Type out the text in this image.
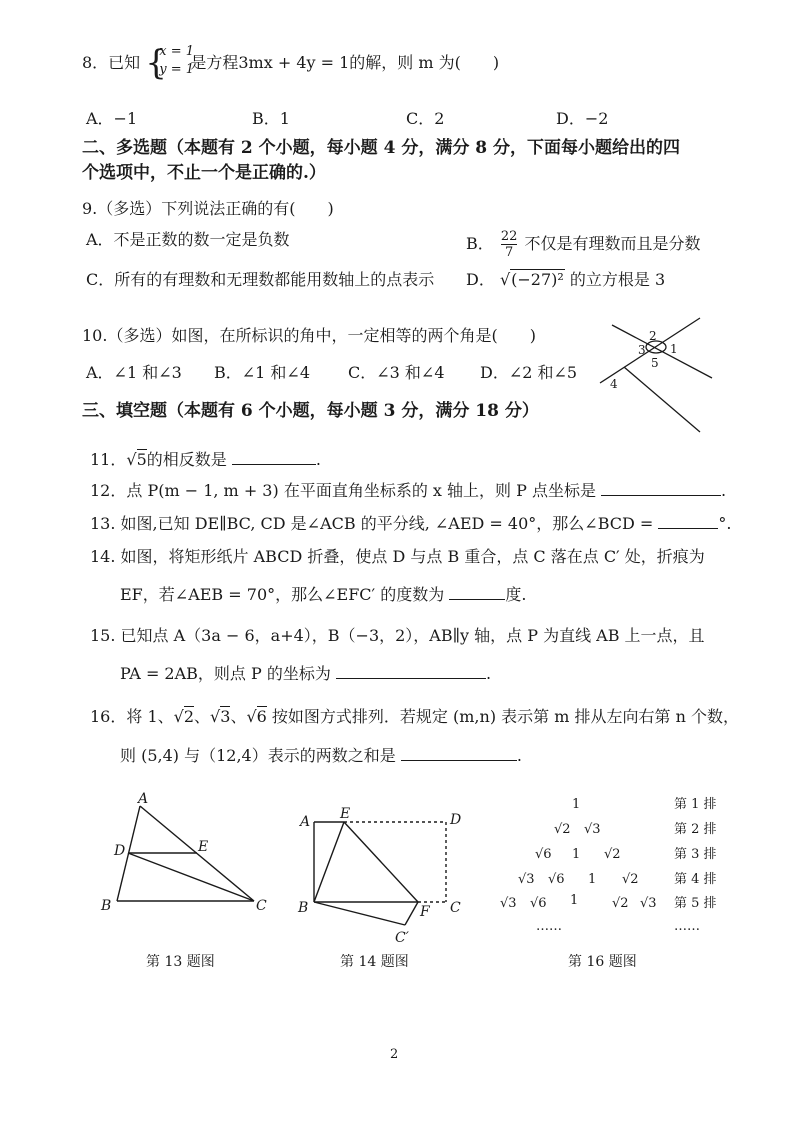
8．已知 {
x = 1
y = 1
是方程3mx + 4y = 1的解，则 m 为(　　)
A．−1	B．1	C．2	D．−2
二、多选题（本题有 2 个小题，每小题 4 分，满分 8 分，下面每小题给出的四
个选项中，不止一个是正确的.）
9.（多选）下列说法正确的有(　　)
A．不是正数的数一定是负数	B． $\frac{22}{7}$ 不仅是有理数而且是分数
C．所有的有理数和无理数都能用数轴上的点表示 D． √(−27)² 的立方根是 3
10.（多选）如图，在所标识的角中，一定相等的两个角是(　　)
A．∠1 和∠3 B．∠1 和∠4 C．∠3 和∠4 D．∠2 和∠5
三、填空题（本题有 6 个小题，每小题 3 分，满分 18 分）
11．√5的相反数是	.
12．点 P(m − 1, m + 3) 在平面直角坐标系的 x 轴上，则 P 点坐标是	.
13. 如图,已知 DE∥BC, CD 是∠ACB 的平分线, ∠AED = 40°，那么∠BCD =	°.
14. 如图，将矩形纸片 ABCD 折叠，使点 D 与点 B 重合，点 C 落在点 C′ 处，折痕为
EF，若∠AEB = 70°，那么∠EFC′ 的度数为	度.
15. 已知点 A（3a − 6，a+4），B（−3，2），AB∥y 轴，点 P 为直线 AB 上一点，且
PA = 2AB，则点 P 的坐标为	.
16．将 1、√2、√3、√6 按如图方式排列．若规定 (m,n) 表示第 m 排从左向右第 n 个数，
则 (5,4) 与（12,4）表示的两数之和是	.
2
3 1
5
4
A
D	E
B	C
A E	D
B	F C
C′
1
√2 √3
√6 1 √2
√3 √6 1 √2
√3 √6 1	√2 √3
……	……
第 1 排
第 2 排
第 3 排
第 4 排
第 5 排
第 13 题图	第 14 题图	第 16 题图
2
